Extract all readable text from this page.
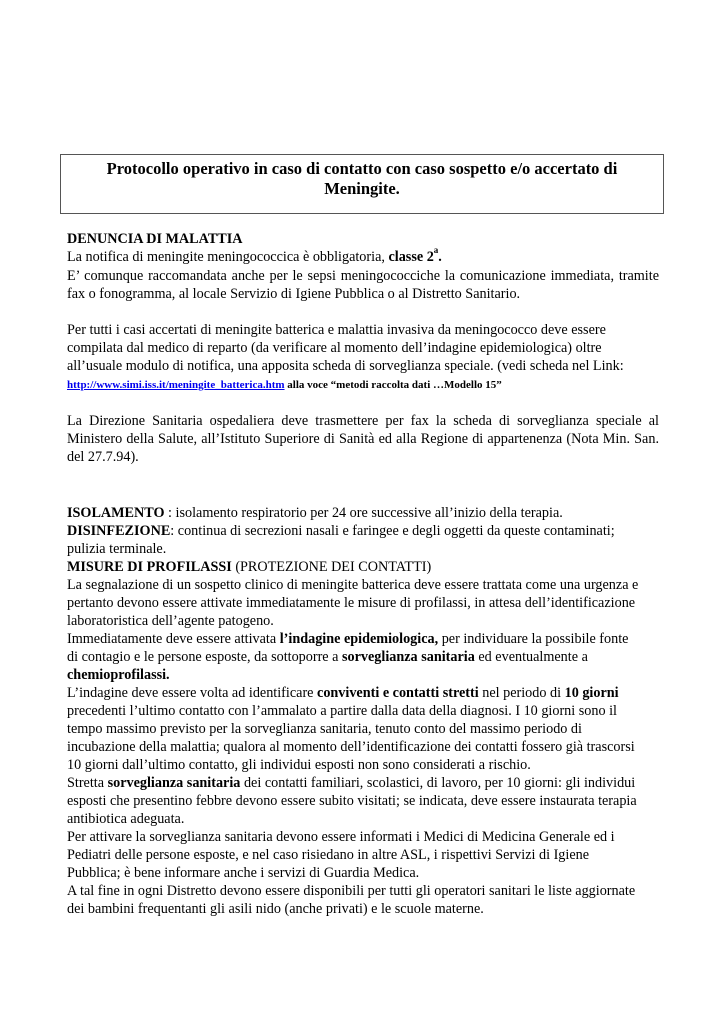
Protocollo operativo in caso di contatto con caso sospetto e/o accertato di
Meningite.

DENUNCIA DI MALATTIA

La notifica di meningite meningococcica è obbligatoria, classe 2$^a$.

E’ comunque raccomandata anche per le sepsi meningococciche la comunicazione immediata, tramite fax o fonogramma, al locale Servizio di Igiene Pubblica o al Distretto Sanitario.

Per tutti i casi accertati di meningite batterica e malattia invasiva da meningococco deve essere

compilata dal medico di reparto (da verificare al momento dell’indagine epidemiologica) oltre

all’usuale modulo di notifica, una apposita scheda di sorveglianza speciale. (vedi scheda nel Link:

http://www.simi.iss.it/meningite_batterica.htm alla voce “metodi raccolta dati …Modello 15”

La Direzione Sanitaria ospedaliera deve trasmettere per fax la scheda di sorveglianza speciale al Ministero della Salute, all’Istituto Superiore di Sanità ed alla Regione di appartenenza (Nota Min. San. del 27.7.94).

ISOLAMENTO : isolamento respiratorio per 24 ore successive all’inizio della terapia.

DISINFEZIONE: continua di secrezioni nasali e faringee e degli oggetti da queste contaminati;

pulizia terminale.

MISURE DI PROFILASSI (PROTEZIONE DEI CONTATTI)

La segnalazione di un sospetto clinico di meningite batterica deve essere trattata come una urgenza e

pertanto devono essere attivate immediatamente le misure di profilassi, in attesa dell’identificazione

laboratoristica dell’agente patogeno.

Immediatamente deve essere attivata l’indagine epidemiologica, per individuare la possibile fonte

di contagio e le persone esposte, da sottoporre a sorveglianza sanitaria ed eventualmente a

chemioprofilassi.

L’indagine deve essere volta ad identificare conviventi e contatti stretti nel periodo di 10 giorni

precedenti l’ultimo contatto con l’ammalato a partire dalla data della diagnosi. I 10 giorni sono il

tempo massimo previsto per la sorveglianza sanitaria, tenuto conto del massimo periodo di

incubazione della malattia; qualora al momento dell’identificazione dei contatti fossero già trascorsi

10 giorni dall’ultimo contatto, gli individui esposti non sono considerati a rischio.

Stretta sorveglianza sanitaria dei contatti familiari, scolastici, di lavoro, per 10 giorni: gli individui

esposti che presentino febbre devono essere subito visitati; se indicata, deve essere instaurata terapia

antibiotica adeguata.

Per attivare la sorveglianza sanitaria devono essere informati i Medici di Medicina Generale ed i

Pediatri delle persone esposte, e nel caso risiedano in altre ASL, i rispettivi Servizi di Igiene

Pubblica; è bene informare anche i servizi di Guardia Medica.

A tal fine in ogni Distretto devono essere disponibili per tutti gli operatori sanitari le liste aggiornate

dei bambini frequentanti gli asili nido (anche privati) e le scuole materne.
